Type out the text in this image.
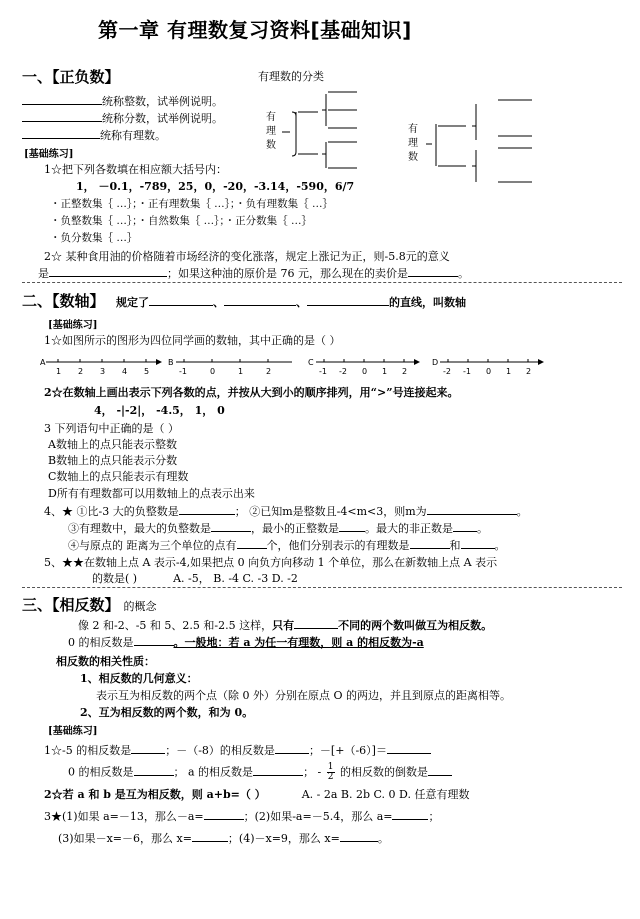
第一章 有理数复习资料[基础知识]
一、【正负数】	有理数的分类
统称整数，试举例说明。
统称分数，试举例说明。
统称有理数。
有
理
数
有
理
数
[基础练习]
1☆把下列各数填在相应额大括号内：
1， －0.1，-789，25，0，-20，-3.14，-590，6/7
・正整数集｛ …｝；・正有理数集｛ …｝；・负有理数集｛ …｝
・负整数集｛ …｝；・自然数集｛ …｝；・正分数集｛ …｝
・负分数集｛ …｝
2☆ 某种食用油的价格随着市场经济的变化涨落，规定上涨记为正，则-5.8元的意义
是	；如果这种油的原价是 76 元，那么现在的卖价是	。
二、【数轴】 规定了	、	、	的直线，叫数轴
[基础练习]
1☆如图所示的图形为四位同学画的数轴，其中正确的是（ ）
A
1 2 3 4 5
B
-1	0	1	2
C
-1 -2 0 1 2
D
-2 -1 0 1 2
2☆在数轴上画出表示下列各数的点，并按从大到小的顺序排列，用“>”号连接起来。
4， -|-2|， -4.5， 1， 0
3 下列语句中正确的是（ ）
A数轴上的点只能表示整数
B数轴上的点只能表示分数
C数轴上的点只能表示有理数
D所有有理数都可以用数轴上的点表示出来
4、★ ①比-3 大的负整数是	； ②已知m是整数且-4<m<3，则m为	。
③有理数中，最大的负整数是	，最小的正整数是 。最大的非正数是 。
④与原点的 距离为三个单位的点有	个，他们分别表示的有理数是	和	。
5、★★在数轴上点 A 表示-4,如果把点 0 向负方向移动 1 个单位，那么在新数轴上点 A 表示
的数是( )	A. -5， B. -4 C. -3 D. -2
三、【相反数】 的概念
像 2 和-2、-5 和 5、2.5 和-2.5 这样，只有	不同的两个数叫做互为相反数。
0 的相反数是	。一般地：若 a 为任一有理数，则 a 的相反数为-a
相反数的相关性质：
1、相反数的几何意义：
表示互为相反数的两个点（除 0 外）分别在原点 O 的两边，并且到原点的距离相等。
2、互为相反数的两个数，和为 0。
[基础练习]
1☆-5 的相反数是	；－（-8）的相反数是	；－[+（-6）]＝
0 的相反数是	； a 的相反数是	； - $\frac{1}{2}$ 的相反数的倒数是
2☆若 a 和 b 是互为相反数，则 a+b=（ ）	A. - 2a B. 2b C. 0 D. 任意有理数
3★(1)如果 a=－13，那么－a=	；(2)如果-a=－5.4，那么 a=	；
(3)如果－x=－6，那么 x=	；(4)－x=9，那么 x=	。
